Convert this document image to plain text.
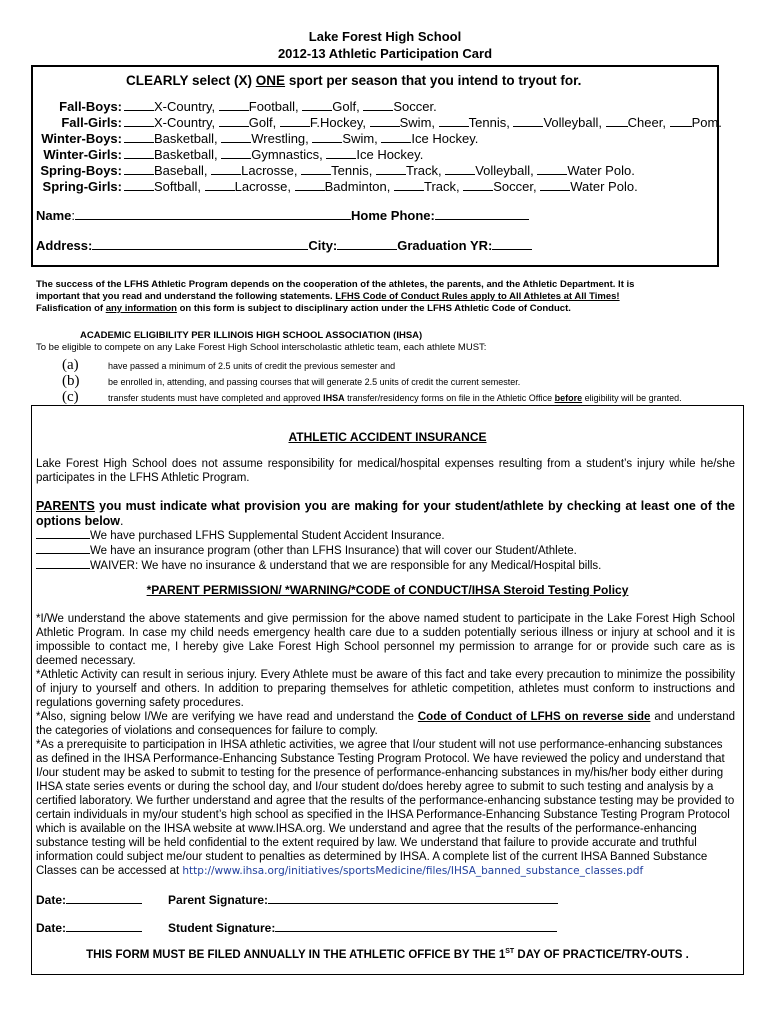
Lake Forest High School
2012-13 Athletic Participation Card
CLEARLY select (X) ONE sport per season that you intend to tryout for.
Fall-Boys: X-Country,	Football,	Golf,	Soccer.
Fall-Girls: X-Country,	Golf,	F.Hockey,	Swim,	Tennis,	Volleyball, Cheer, Pom.
Winter-Boys: Basketball,	Wrestling,	Swim,	Ice Hockey.
Winter-Girls: Basketball,	Gymnastics,	Ice Hockey.
Spring-Boys: Baseball,	Lacrosse,	Tennis,	Track,	Volleyball,	Water Polo.
Spring-Girls: Softball,	Lacrosse,	Badminton,	Track,	Soccer,	Water Polo.
Name:	Home Phone:
Address:	City:	Graduation YR:
The success of the LFHS Athletic Program depends on the cooperation of the athletes, the parents, and the Athletic Department. It is
important that you read and understand the following statements. LFHS Code of Conduct Rules apply to All Athletes at All Times!
Falisfication of any information on this form is subject to disciplinary action under the LFHS Athletic Code of Conduct.
ACADEMIC ELIGIBILITY PER ILLINOIS HIGH SCHOOL ASSOCIATION (IHSA)
To be eligible to compete on any Lake Forest High School interscholastic athletic team, each athlete MUST:
(a)	have passed a minimum of 2.5 units of credit the previous semester and
(b)	be enrolled in, attending, and passing courses that will generate 2.5 units of credit the current semester.
(c)	transfer students must have completed and approved IHSA transfer/residency forms on file in the Athletic Office before eligibility will be granted.
ATHLETIC ACCIDENT INSURANCE
Lake Forest High School does not assume responsibility for medical/hospital expenses resulting from a student’s injury while he/she participates in the LFHS Athletic Program.
PARENTS you must indicate what provision you are making for your student/athlete by checking at least one of the options below.
We have purchased LFHS Supplemental Student Accident Insurance.
We have an insurance program (other than LFHS Insurance) that will cover our Student/Athlete.
WAIVER: We have no insurance & understand that we are responsible for any Medical/Hospital bills.
*PARENT PERMISSION/ *WARNING/*CODE of CONDUCT/IHSA Steroid Testing Policy
*I/We understand the above statements and give permission for the above named student to participate in the Lake Forest High School Athletic Program. In case my child needs emergency health care due to a sudden potentially serious illness or injury at school and it is impossible to contact me, I hereby give Lake Forest High School personnel my permission to arrange for or provide such care as is deemed necessary.
*Athletic Activity can result in serious injury. Every Athlete must be aware of this fact and take every precaution to minimize the possibility of injury to yourself and others. In addition to preparing themselves for athletic competition, athletes must conform to instructions and regulations governing safety procedures.
*Also, signing below I/We are verifying we have read and understand the Code of Conduct of LFHS on reverse side and understand the categories of violations and consequences for failure to comply.
*As a prerequisite to participation in IHSA athletic activities, we agree that I/our student will not use performance-enhancing substances as defined in the IHSA Performance-Enhancing Substance Testing Program Protocol. We have reviewed the policy and understand that I/our student may be asked to submit to testing for the presence of performance-enhancing substances in my/his/her body either during IHSA state series events or during the school day, and I/our student do/does hereby agree to submit to such testing and analysis by a certified laboratory. We further understand and agree that the results of the performance-enhancing substance testing may be provided to certain individuals in my/our student’s high school as specified in the IHSA Performance-Enhancing Substance Testing Program Protocol which is available on the IHSA website at www.IHSA.org. We understand and agree that the results of the performance-enhancing substance testing will be held confidential to the extent required by law. We understand that failure to provide accurate and truthful information could subject me/our student to penalties as determined by IHSA. A complete list of the current IHSA Banned Substance Classes can be accessed at http://www.ihsa.org/initiatives/sportsMedicine/files/IHSA_banned_substance_classes.pdf
Date:	Parent Signature:
Date:	Student Signature:
THIS FORM MUST BE FILED ANNUALLY IN THE ATHLETIC OFFICE BY THE 1ST DAY OF PRACTICE/TRY-OUTS .
